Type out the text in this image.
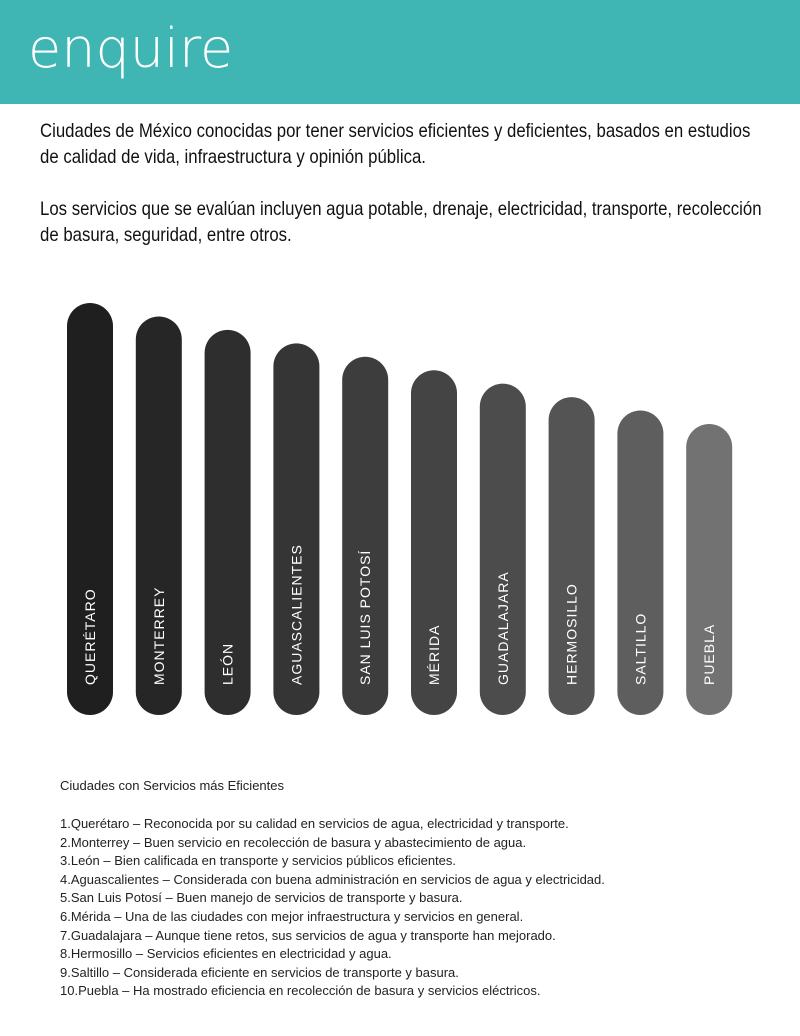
enquire

Ciudades de México conocidas por tener servicios eficientes y deficientes, basados en estudios de calidad de vida, infraestructura y opinión pública.

Los servicios que se evalúan incluyen agua potable, drenaje, electricidad, transporte, recolección de basura, seguridad, entre otros.

QUERÉTARO	MONTERREY	LEÓN	AGUASCALIENTES	SAN LUIS POTOSÍ	MÉRIDA	GUADALAJARA	HERMOSILLO	SALTILLO	PUEBLA
Ciudades con Servicios más Eficientes
1.Querétaro – Reconocida por su calidad en servicios de agua, electricidad y transporte.
2.Monterrey – Buen servicio en recolección de basura y abastecimiento de agua.
3.León – Bien calificada en transporte y servicios públicos eficientes.
4.Aguascalientes – Considerada con buena administración en servicios de agua y electricidad.
5.San Luis Potosí – Buen manejo de servicios de transporte y basura.
6.Mérida – Una de las ciudades con mejor infraestructura y servicios en general.
7.Guadalajara – Aunque tiene retos, sus servicios de agua y transporte han mejorado.
8.Hermosillo – Servicios eficientes en electricidad y agua.
9.Saltillo – Considerada eficiente en servicios de transporte y basura.
10.Puebla – Ha mostrado eficiencia en recolección de basura y servicios eléctricos.
